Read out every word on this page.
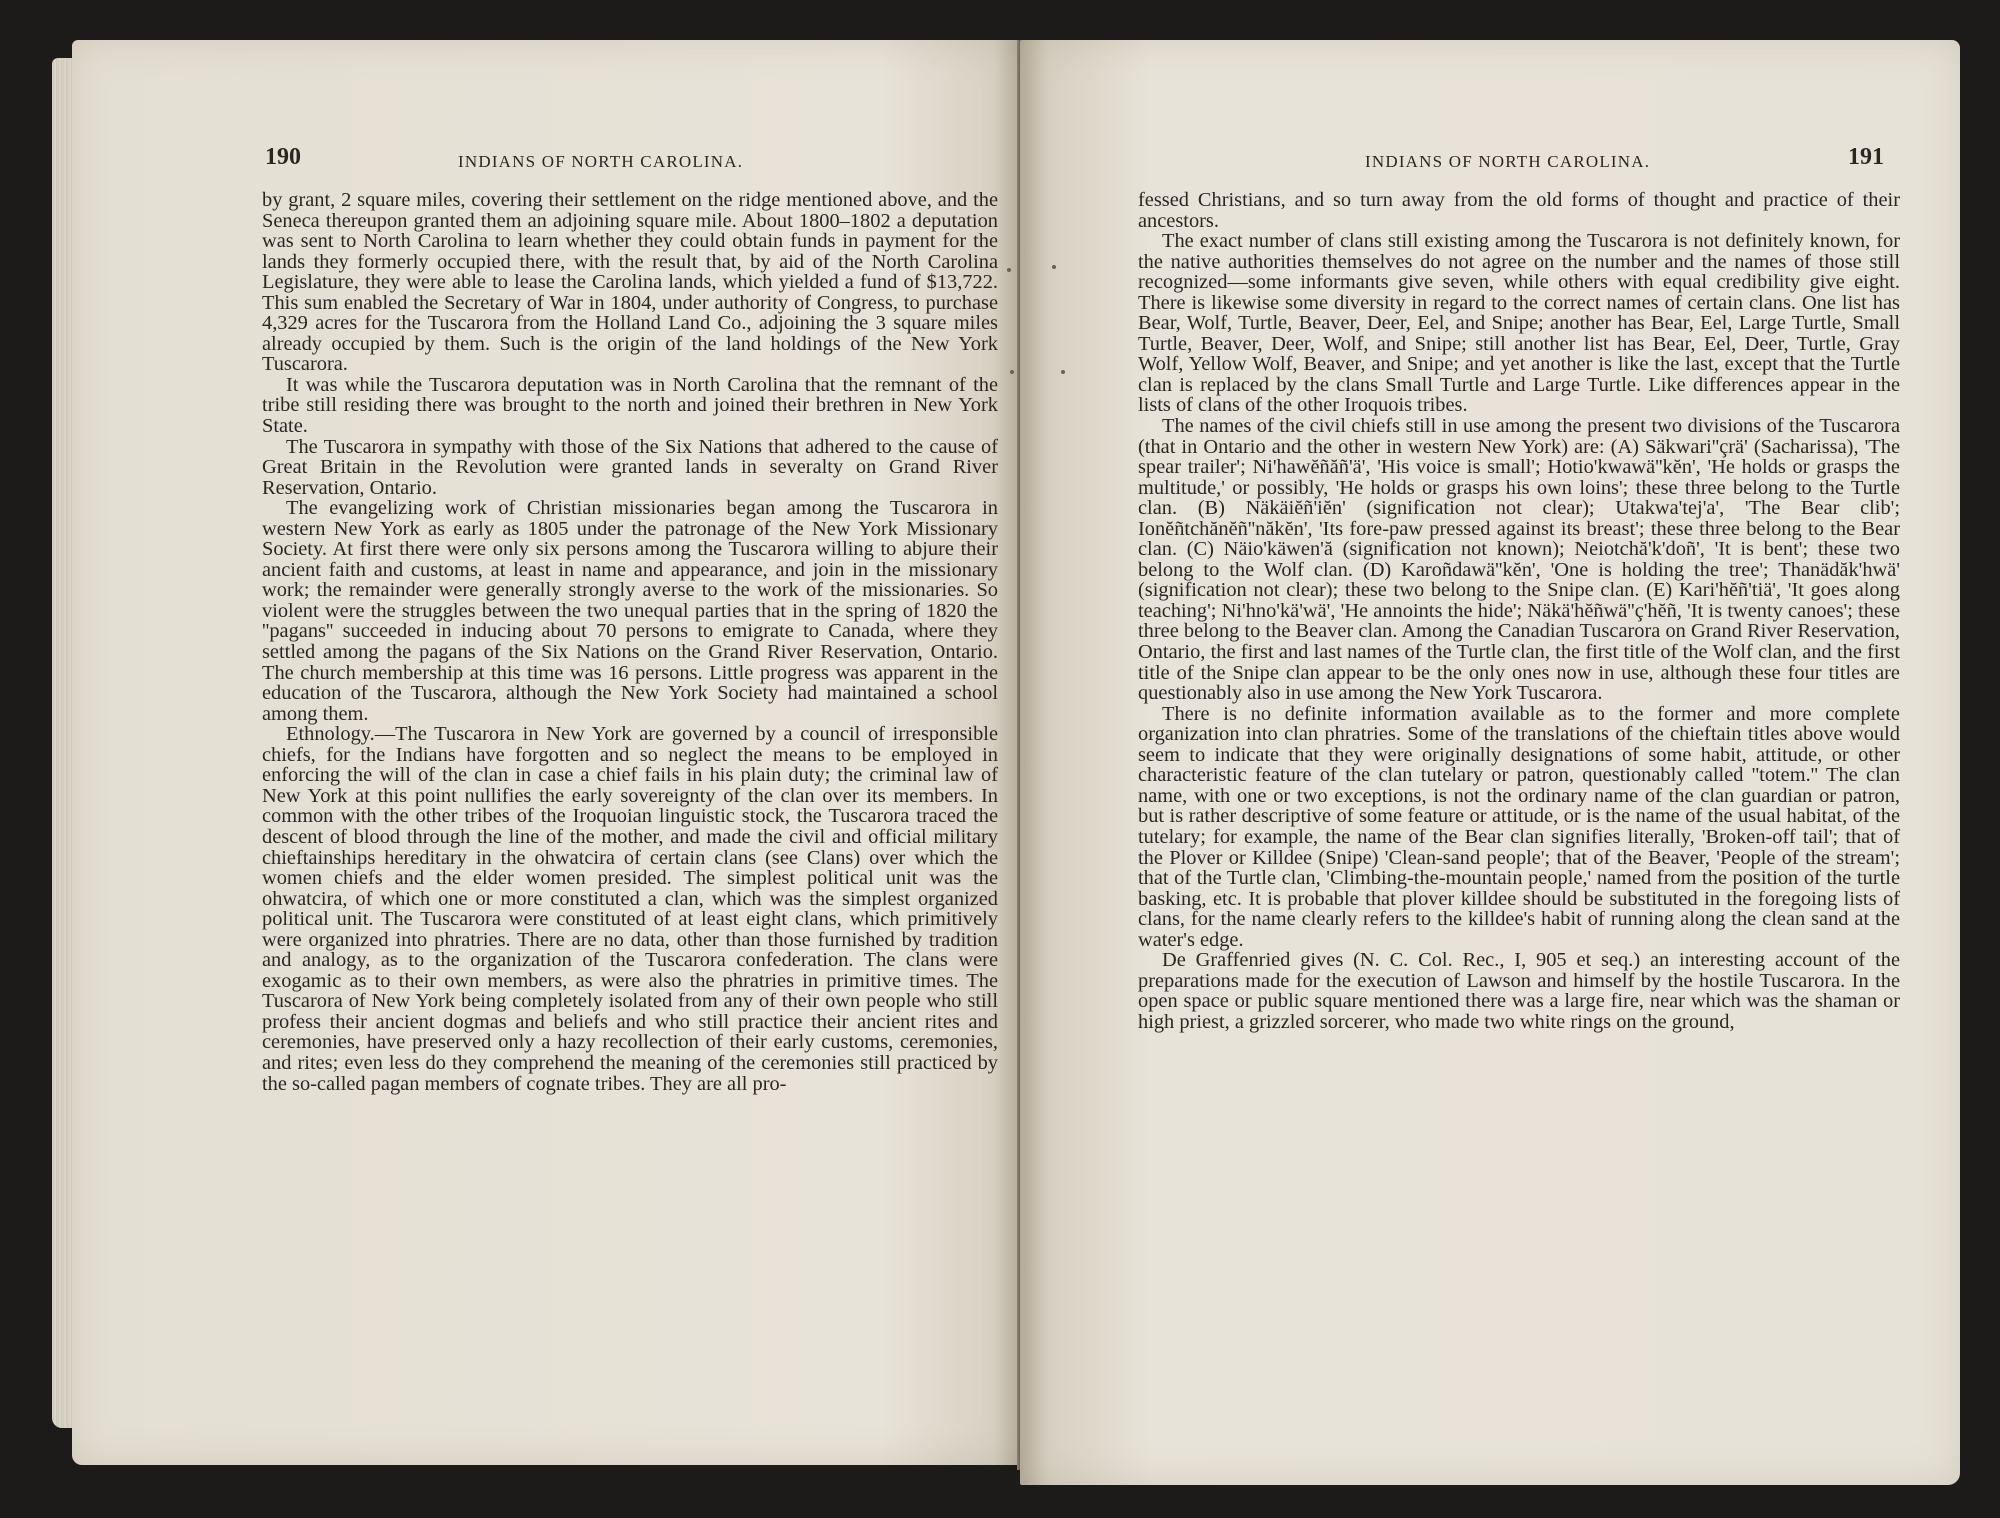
190	INDIANS OF NORTH CAROLINA.

by grant, 2 square miles, covering their settlement on the ridge mentioned above, and the Seneca thereupon granted them an adjoining square mile. About 1800–1802 a deputation was sent to North Carolina to learn whether they could obtain funds in payment for the lands they formerly occupied there, with the result that, by aid of the North Carolina Legislature, they were able to lease the Carolina lands, which yielded a fund of $13,722. This sum enabled the Secretary of War in 1804, under authority of Congress, to purchase 4,329 acres for the Tuscarora from the Holland Land Co., adjoining the 3 square miles already occupied by them. Such is the origin of the land holdings of the New York Tuscarora.

It was while the Tuscarora deputation was in North Carolina that the remnant of the tribe still residing there was brought to the north and joined their brethren in New York State.

The Tuscarora in sympathy with those of the Six Nations that adhered to the cause of Great Britain in the Revolution were granted lands in severalty on Grand River Reservation, Ontario.

The evangelizing work of Christian missionaries began among the Tuscarora in western New York as early as 1805 under the patronage of the New York Missionary Society. At first there were only six persons among the Tuscarora willing to abjure their ancient faith and customs, at least in name and appearance, and join in the missionary work; the remainder were generally strongly averse to the work of the missionaries. So violent were the struggles between the two unequal parties that in the spring of 1820 the ''pagans'' succeeded in inducing about 70 persons to emigrate to Canada, where they settled among the pagans of the Six Nations on the Grand River Reservation, Ontario. The church membership at this time was 16 persons. Little progress was apparent in the education of the Tuscarora, although the New York Society had maintained a school among them.

Ethnology.—The Tuscarora in New York are governed by a council of irresponsible chiefs, for the Indians have forgotten and so neglect the means to be employed in enforcing the will of the clan in case a chief fails in his plain duty; the criminal law of New York at this point nullifies the early sovereignty of the clan over its members. In common with the other tribes of the Iroquoian linguistic stock, the Tuscarora traced the descent of blood through the line of the mother, and made the civil and official military chieftainships hereditary in the ohwatcira of certain clans (see Clans) over which the women chiefs and the elder women presided. The simplest political unit was the ohwatcira, of which one or more constituted a clan, which was the simplest organized political unit. The Tuscarora were constituted of at least eight clans, which primitively were organized into phratries. There are no data, other than those furnished by tradition and analogy, as to the organization of the Tuscarora confederation. The clans were exogamic as to their own members, as were also the phratries in primitive times. The Tuscarora of New York being completely isolated from any of their own people who still profess their ancient dogmas and beliefs and who still practice their ancient rites and ceremonies, have preserved only a hazy recollection of their early customs, ceremonies, and rites; even less do they comprehend the meaning of the ceremonies still practiced by the so-called pagan members of cognate tribes. They are all pro-

INDIANS OF NORTH CAROLINA.	191

fessed Christians, and so turn away from the old forms of thought and practice of their ancestors.

The exact number of clans still existing among the Tuscarora is not definitely known, for the native authorities themselves do not agree on the number and the names of those still recognized—some informants give seven, while others with equal credibility give eight. There is likewise some diversity in regard to the correct names of certain clans. One list has Bear, Wolf, Turtle, Beaver, Deer, Eel, and Snipe; another has Bear, Eel, Large Turtle, Small Turtle, Beaver, Deer, Wolf, and Snipe; still another list has Bear, Eel, Deer, Turtle, Gray Wolf, Yellow Wolf, Beaver, and Snipe; and yet another is like the last, except that the Turtle clan is replaced by the clans Small Turtle and Large Turtle. Like differences appear in the lists of clans of the other Iroquois tribes.

The names of the civil chiefs still in use among the present two divisions of the Tuscarora (that in Ontario and the other in western New York) are: (A) Säkwari''çrä' (Sacharissa), 'The spear trailer'; Ni'hawĕñăñ'ä', 'His voice is small'; Hotio'kwawä''kĕn', 'He holds or grasps the multitude,' or possibly, 'He holds or grasps his own loins'; these three belong to the Turtle clan. (B) Näkäiĕñ'iĕn' (signification not clear); Utakwa'tej'a', 'The Bear clib'; Ionĕñtchănĕñ''năkĕn', 'Its fore-paw pressed against its breast'; these three belong to the Bear clan. (C) Näio'käwen'ă (signification not known); Neiotchă'k'doñ', 'It is bent'; these two belong to the Wolf clan. (D) Karoñdawä''kĕn', 'One is holding the tree'; Thanädăk'hwä' (signification not clear); these two belong to the Snipe clan. (E) Kari'hĕñ'tiä', 'It goes along teaching'; Ni'hno'kä'wä', 'He annoints the hide'; Näkä'hĕñwä''ç'hĕñ, 'It is twenty canoes'; these three belong to the Beaver clan. Among the Canadian Tuscarora on Grand River Reservation, Ontario, the first and last names of the Turtle clan, the first title of the Wolf clan, and the first title of the Snipe clan appear to be the only ones now in use, although these four titles are questionably also in use among the New York Tuscarora.

There is no definite information available as to the former and more complete organization into clan phratries. Some of the translations of the chieftain titles above would seem to indicate that they were originally designations of some habit, attitude, or other characteristic feature of the clan tutelary or patron, questionably called ''totem.'' The clan name, with one or two exceptions, is not the ordinary name of the clan guardian or patron, but is rather descriptive of some feature or attitude, or is the name of the usual habitat, of the tutelary; for example, the name of the Bear clan signifies literally, 'Broken-off tail'; that of the Plover or Killdee (Snipe) 'Clean-sand people'; that of the Beaver, 'People of the stream'; that of the Turtle clan, 'Climbing-the-mountain people,' named from the position of the turtle basking, etc. It is probable that plover killdee should be substituted in the foregoing lists of clans, for the name clearly refers to the killdee's habit of running along the clean sand at the water's edge.

De Graffenried gives (N. C. Col. Rec., I, 905 et seq.) an interesting account of the preparations made for the execution of Lawson and himself by the hostile Tuscarora. In the open space or public square mentioned there was a large fire, near which was the shaman or high priest, a grizzled sorcerer, who made two white rings on the ground,
